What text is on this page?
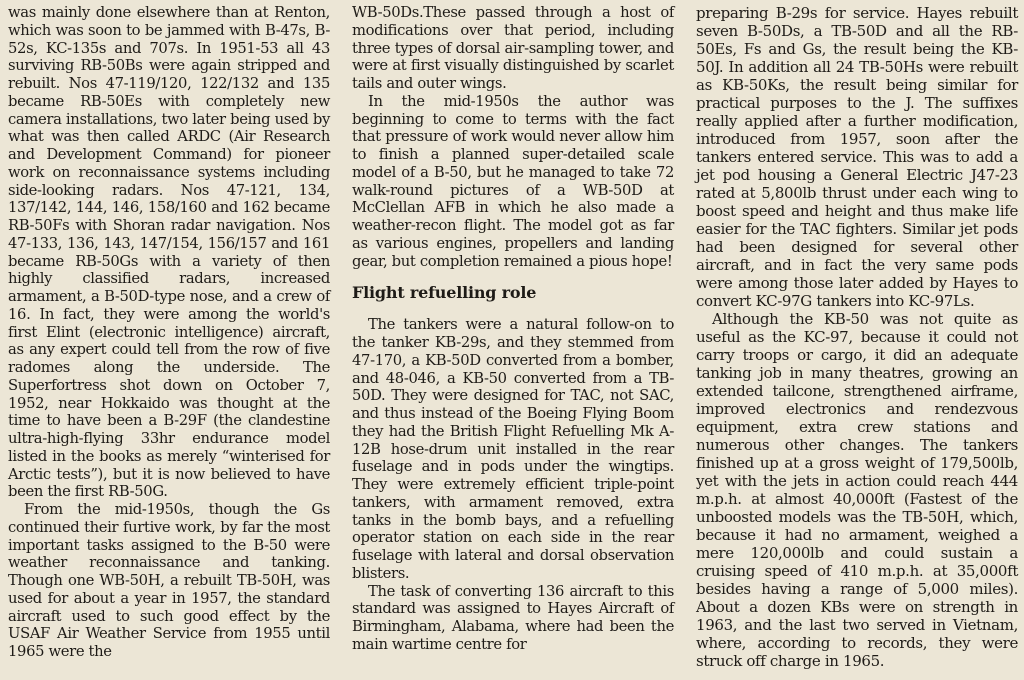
was mainly done elsewhere than at Renton, which was soon to be jammed with B-47s, B-52s, KC-135s and 707s. In 1951-53 all 43 surviving RB-50Bs were again stripped and rebuilt. Nos 47-119/120, 122/132 and 135 became RB-50Es with completely new camera installations, two later being used by what was then called ARDC (Air Research and Development Command) for pioneer work on reconnaissance systems including side-looking radars. Nos 47-121, 134, 137/142, 144, 146, 158/160 and 162 became RB-50Fs with Shoran radar navigation. Nos 47-133, 136, 143, 147/154, 156/157 and 161 became RB-50Gs with a variety of then highly classified radars, increased armament, a B-50D-type nose, and a crew of 16. In fact, they were among the world's first Elint (electronic intelligence) aircraft, as any expert could tell from the row of five radomes along the underside. The Superfortress shot down on October 7, 1952, near Hokkaido was thought at the time to have been a B-29F (the clandestine ultra-high-flying 33hr endurance model listed in the books as merely “winterised for Arctic tests”), but it is now believed to have been the first RB-50G.

From the mid-1950s, though the Gs continued their furtive work, by far the most important tasks assigned to the B-50 were weather reconnaissance and tanking. Though one WB-50H, a rebuilt TB-50H, was used for about a year in 1957, the standard aircraft used to such good effect by the USAF Air Weather Service from 1955 until 1965 were the

WB-50Ds.These passed through a host of modifications over that period, including three types of dorsal air-sampling tower, and were at first visually distinguished by scarlet tails and outer wings.

In the mid-1950s the author was beginning to come to terms with the fact that pressure of work would never allow him to finish a planned super-detailed scale model of a B-50, but he managed to take 72 walk-round pictures of a WB-50D at McClellan AFB in which he also made a weather-recon flight. The model got as far as various engines, propellers and landing gear, but completion remained a pious hope!

Flight refuelling role

The tankers were a natural follow-on to the tanker KB-29s, and they stemmed from 47-170, a KB-50D converted from a bomber, and 48-046, a KB-50 converted from a TB-50D. They were designed for TAC, not SAC, and thus instead of the Boeing Flying Boom they had the British Flight Refuelling Mk A-12B hose-drum unit installed in the rear fuselage and in pods under the wingtips. They were extremely efficient triple-point tankers, with armament removed, extra tanks in the bomb bays, and a refuelling operator station on each side in the rear fuselage with lateral and dorsal observation blisters.

The task of converting 136 aircraft to this standard was assigned to Hayes Aircraft of Birmingham, Alabama, where had been the main wartime centre for

preparing B-29s for service. Hayes rebuilt seven B-50Ds, a TB-50D and all the RB-50Es, Fs and Gs, the result being the KB-50J. In addition all 24 TB-50Hs were rebuilt as KB-50Ks, the result being similar for practical purposes to the J. The suffixes really applied after a further modification, introduced from 1957, soon after the tankers entered service. This was to add a jet pod housing a General Electric J47-23 rated at 5,800lb thrust under each wing to boost speed and height and thus make life easier for the TAC fighters. Similar jet pods had been designed for several other aircraft, and in fact the very same pods were among those later added by Hayes to convert KC-97G tankers into KC-97Ls.

Although the KB-50 was not quite as useful as the KC-97, because it could not carry troops or cargo, it did an adequate tanking job in many theatres, growing an extended tailcone, strengthened airframe, improved electronics and rendezvous equipment, extra crew stations and numerous other changes. The tankers finished up at a gross weight of 179,500lb, yet with the jets in action could reach 444 m.p.h. at almost 40,000ft (Fastest of the unboosted models was the TB-50H, which, because it had no armament, weighed a mere 120,000lb and could sustain a cruising speed of 410 m.p.h. at 35,000ft besides having a range of 5,000 miles). About a dozen KBs were on strength in 1963, and the last two served in Vietnam, where, according to records, they were struck off charge in 1965.
